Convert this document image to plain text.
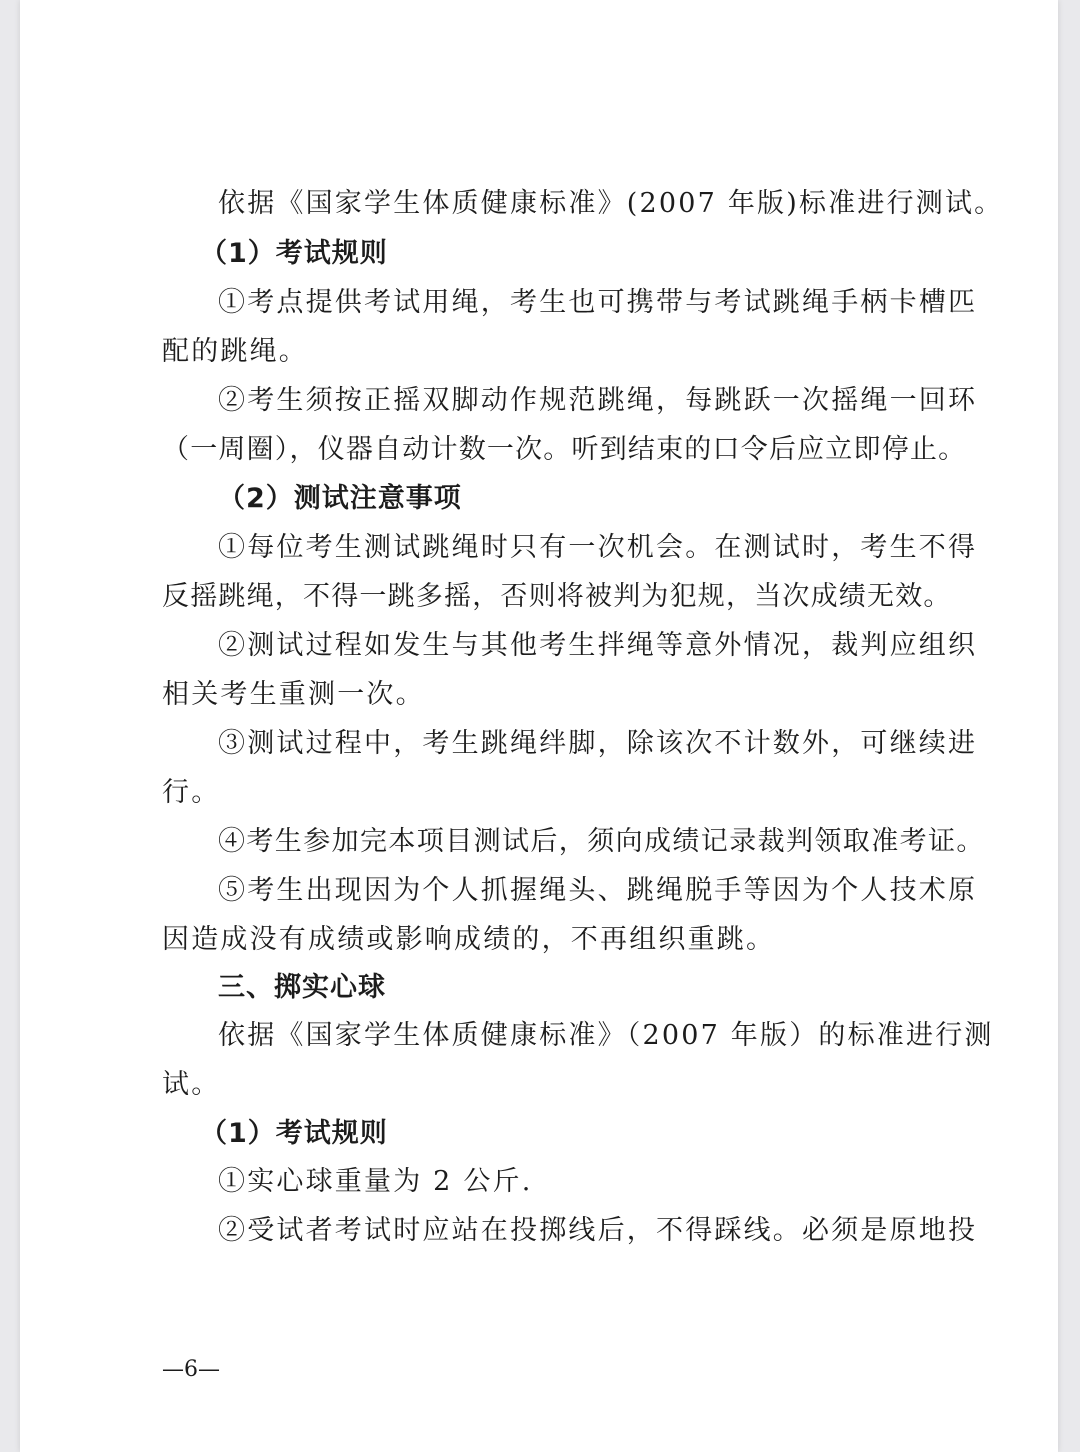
依据《国家学生体质健康标准》(2007 年版)标准进行测试。
（1）考试规则
①考点提供考试用绳，考生也可携带与考试跳绳手柄卡槽匹
配的跳绳。
②考生须按正摇双脚动作规范跳绳，每跳跃一次摇绳一回环
（一周圈），仪器自动计数一次。听到结束的口令后应立即停止。
（2）测试注意事项
①每位考生测试跳绳时只有一次机会。在测试时，考生不得
反摇跳绳，不得一跳多摇，否则将被判为犯规，当次成绩无效。
②测试过程如发生与其他考生拌绳等意外情况，裁判应组织
相关考生重测一次。
③测试过程中，考生跳绳绊脚，除该次不计数外，可继续进
行。
④考生参加完本项目测试后，须向成绩记录裁判领取准考证。
⑤考生出现因为个人抓握绳头、跳绳脱手等因为个人技术原
因造成没有成绩或影响成绩的，不再组织重跳。
三、掷实心球
依据《国家学生体质健康标准》（2007 年版）的标准进行测
试。
（1）考试规则
①实心球重量为 2 公斤.
②受试者考试时应站在投掷线后，不得踩线。必须是原地投
—6—
